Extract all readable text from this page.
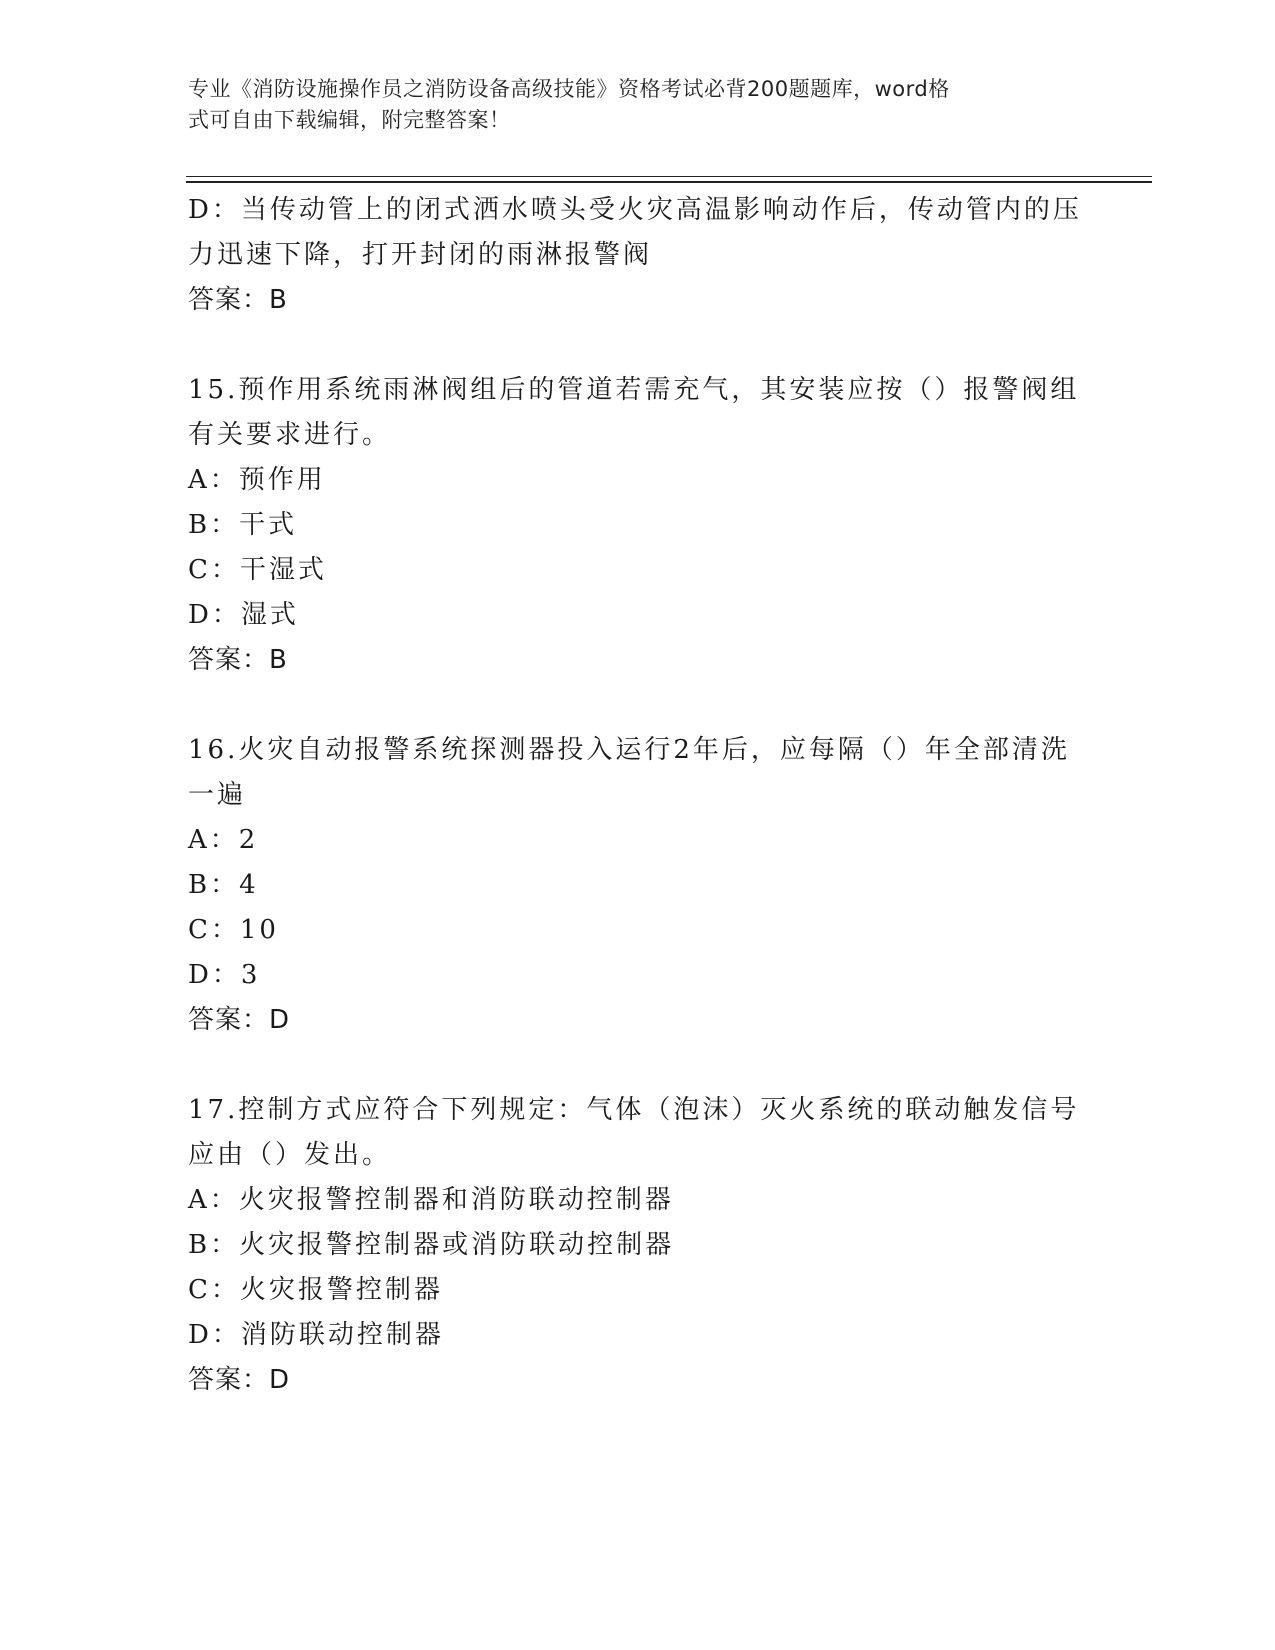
专业《消防设施操作员之消防设备高级技能》资格考试必背200题题库，word格
式可自由下载编辑，附完整答案！
D：当传动管上的闭式洒水喷头受火灾高温影响动作后，传动管内的压
力迅速下降，打开封闭的雨淋报警阀
答案：B
15.预作用系统雨淋阀组后的管道若需充气，其安装应按（）报警阀组
有关要求进行。
A：预作用
B：干式
C：干湿式
D：湿式
答案：B
16.火灾自动报警系统探测器投入运行2年后，应每隔（）年全部清洗
一遍
A：2
B：4
C：10
D：3
答案：D
17.控制方式应符合下列规定：气体（泡沫）灭火系统的联动触发信号
应由（）发出。
A：火灾报警控制器和消防联动控制器
B：火灾报警控制器或消防联动控制器
C：火灾报警控制器
D：消防联动控制器
答案：D
